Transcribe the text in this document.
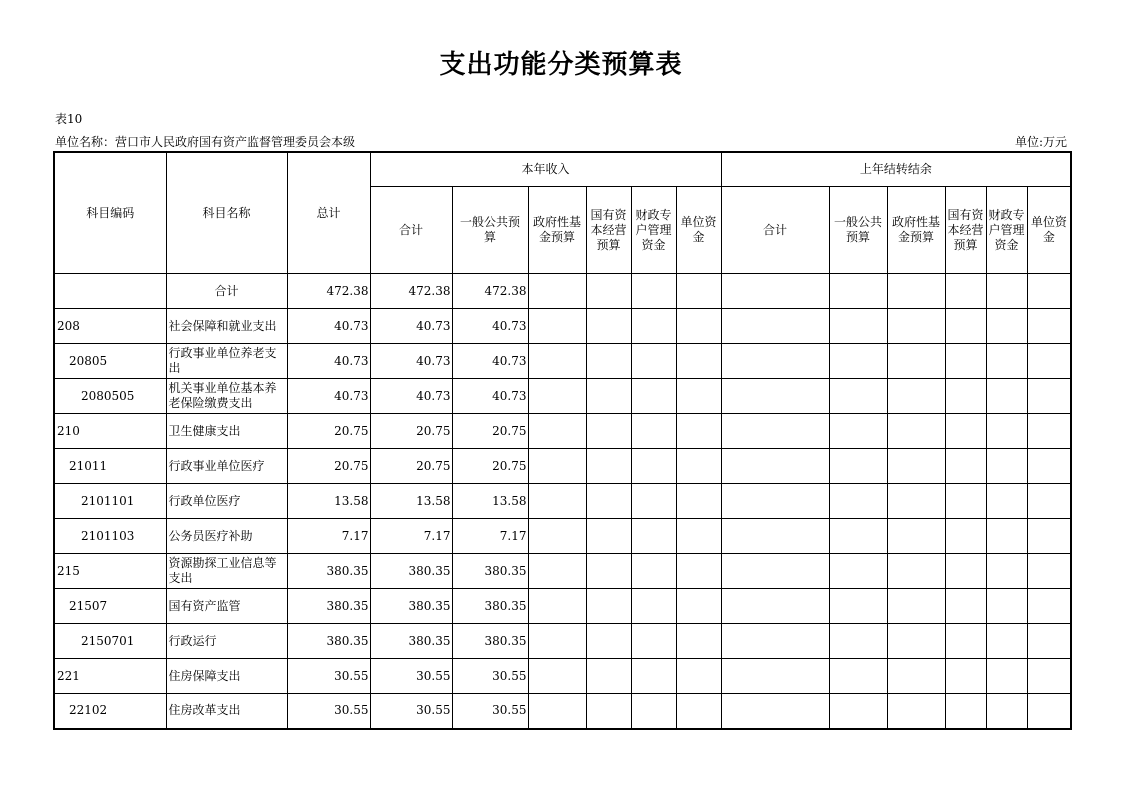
支出功能分类预算表
表10
单位名称：营口市人民政府国有资产监督管理委员会本级	单位:万元
科目编码	科目名称	总计	本年收入						上年结转结余					
			合计	一般公共预算	政府性基金预算	国有资本经营预算	财政专户管理资金	单位资金	合计	一般公共预算	政府性基金预算	国有资本经营预算	财政专户管理资金	单位资金
	合计	472.38	472.38	472.38										
208	社会保障和就业支出	40.73	40.73	40.73										
20805	行政事业单位养老支出	40.73	40.73	40.73										
2080505	机关事业单位基本养老保险缴费支出	40.73	40.73	40.73										
210	卫生健康支出	20.75	20.75	20.75										
21011	行政事业单位医疗	20.75	20.75	20.75										
2101101	行政单位医疗	13.58	13.58	13.58										
2101103	公务员医疗补助	7.17	7.17	7.17										
215	资源勘探工业信息等支出	380.35	380.35	380.35										
21507	国有资产监管	380.35	380.35	380.35										
2150701	行政运行	380.35	380.35	380.35										
221	住房保障支出	30.55	30.55	30.55										
22102	住房改革支出	30.55	30.55	30.55										
